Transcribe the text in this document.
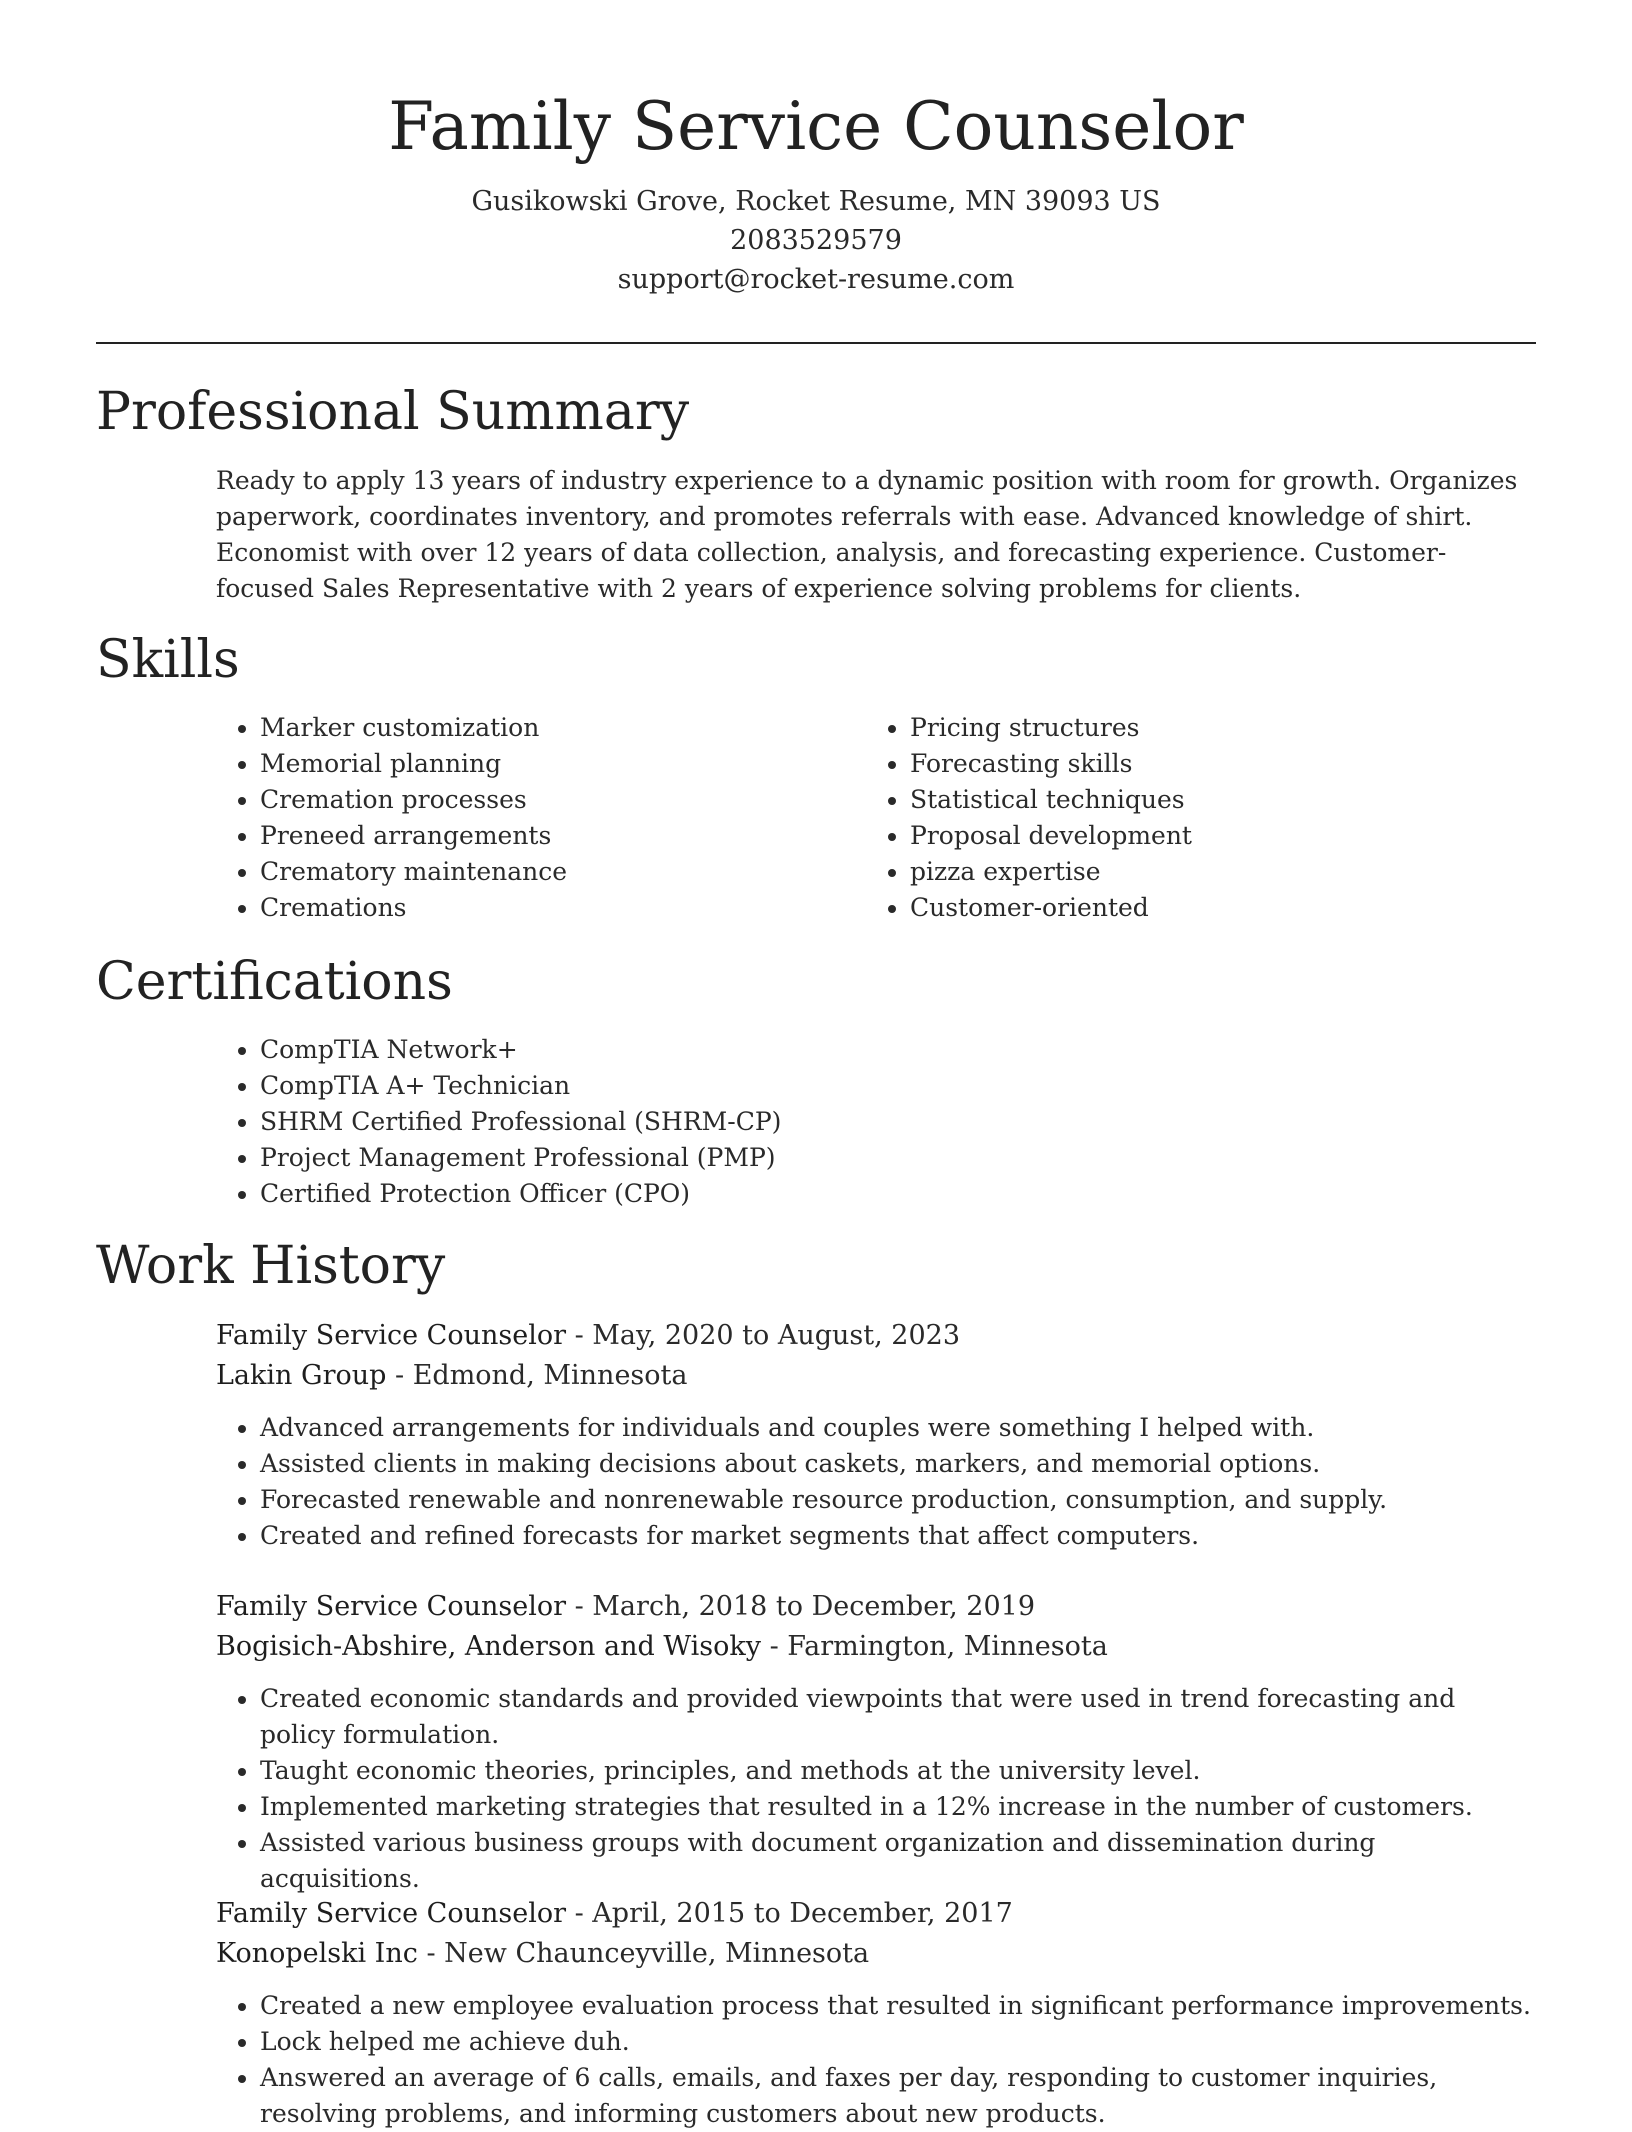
Family Service Counselor
Gusikowski Grove, Rocket Resume, MN 39093 US
2083529579
support@rocket-resume.com
Professional Summary
Ready to apply 13 years of industry experience to a dynamic position with room for growth. Organizes paperwork, coordinates inventory, and promotes referrals with ease. Advanced knowledge of shirt. Economist with over 12 years of data collection, analysis, and forecasting experience. Customer-focused Sales Representative with 2 years of experience solving problems for clients.
Skills
• Marker customization
• Memorial planning
• Cremation processes
• Preneed arrangements
• Crematory maintenance
• Cremations
• Pricing structures
• Forecasting skills
• Statistical techniques
• Proposal development
• pizza expertise
• Customer-oriented
Certifications
• CompTIA Network+
• CompTIA A+ Technician
• SHRM Certified Professional (SHRM-CP)
• Project Management Professional (PMP)
• Certified Protection Officer (CPO)
Work History
Family Service Counselor - May, 2020 to August, 2023
Lakin Group - Edmond, Minnesota
• Advanced arrangements for individuals and couples were something I helped with.
• Assisted clients in making decisions about caskets, markers, and memorial options.
• Forecasted renewable and nonrenewable resource production, consumption, and supply.
• Created and refined forecasts for market segments that affect computers.
Family Service Counselor - March, 2018 to December, 2019
Bogisich-Abshire, Anderson and Wisoky - Farmington, Minnesota
• Created economic standards and provided viewpoints that were used in trend forecasting and policy formulation.
• Taught economic theories, principles, and methods at the university level.
• Implemented marketing strategies that resulted in a 12% increase in the number of customers.
• Assisted various business groups with document organization and dissemination during acquisitions.
Family Service Counselor - April, 2015 to December, 2017
Konopelski Inc - New Chaunceyville, Minnesota
• Created a new employee evaluation process that resulted in significant performance improvements.
• Lock helped me achieve duh.
• Answered an average of 6 calls, emails, and faxes per day, responding to customer inquiries, resolving problems, and informing customers about new products.
